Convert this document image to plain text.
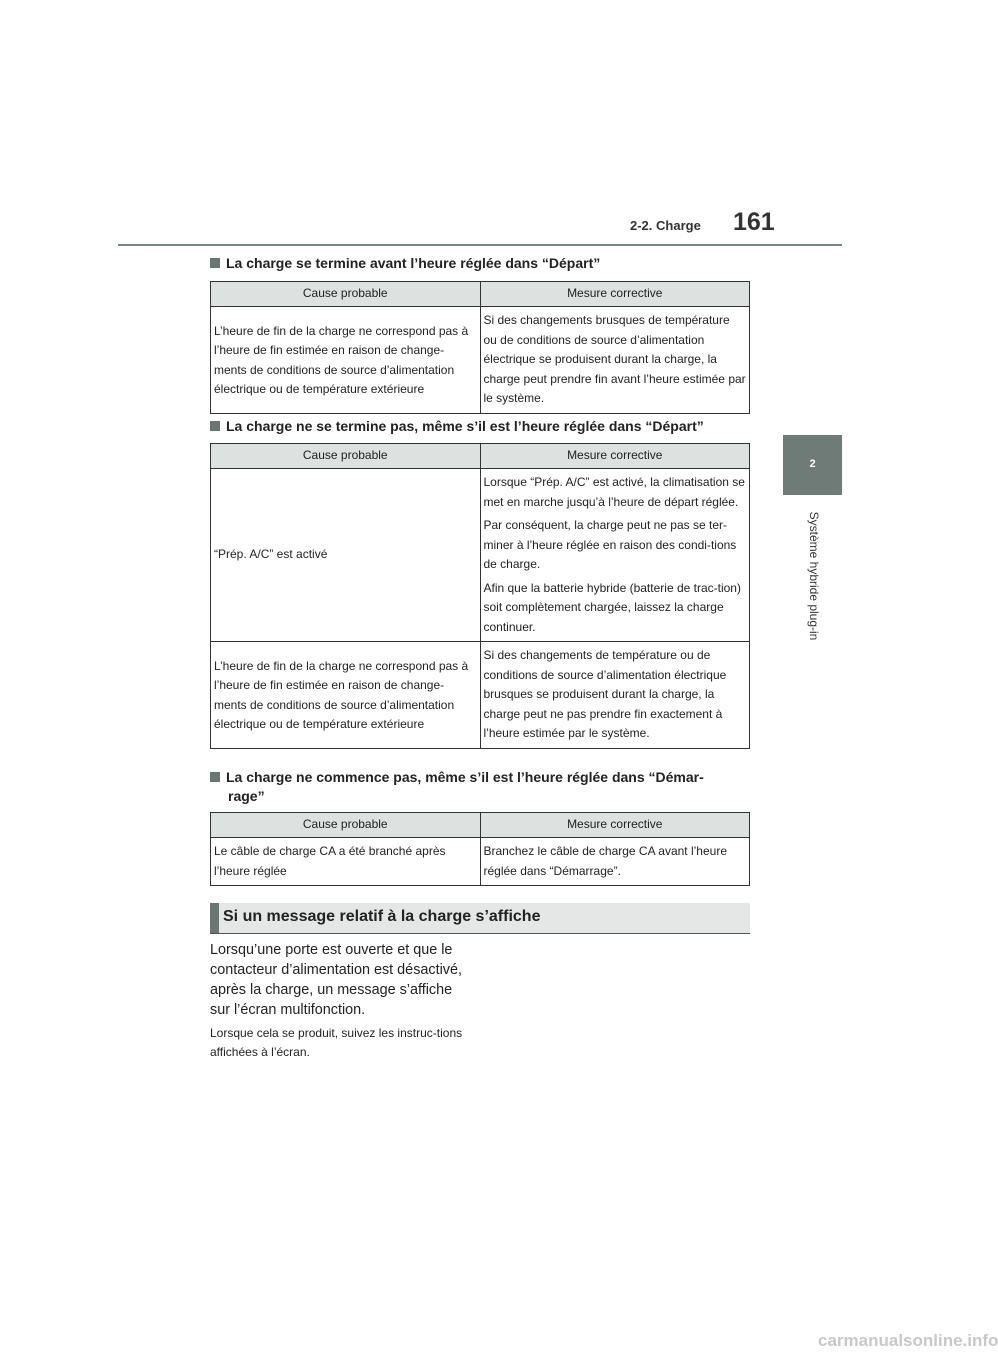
2-2. Charge 161
2
Système hybride plug-in
La charge se termine avant l’heure réglée dans “Départ”
Cause probable	Mesure corrective
L’heure de fin de la charge ne correspond pas à l’heure de fin estimée en raison de change-ments de conditions de source d’alimentation électrique ou de température extérieure	Si des changements brusques de température ou de conditions de source d’alimentation électrique se produisent durant la charge, la charge peut prendre fin avant l’heure estimée par le système.
La charge ne se termine pas, même s’il est l’heure réglée dans “Départ”
Cause probable	Mesure corrective
“Prép. A/C” est activé	Lorsque “Prép. A/C” est activé, la climatisation se met en marche jusqu’à l’heure de départ réglée.
Par conséquent, la charge peut ne pas se ter-miner à l’heure réglée en raison des condi-tions de charge.
Afin que la batterie hybride (batterie de trac-tion) soit complètement chargée, laissez la charge continuer.

L’heure de fin de la charge ne correspond pas à l’heure de fin estimée en raison de change-ments de conditions de source d’alimentation électrique ou de température extérieure	Si des changements de température ou de conditions de source d’alimentation électrique brusques se produisent durant la charge, la charge peut ne pas prendre fin exactement à l’heure estimée par le système.
La charge ne commence pas, même s’il est l’heure réglée dans “Démar-
rage”
Cause probable	Mesure corrective
Le câble de charge CA a été branché après l’heure réglée	Branchez le câble de charge CA avant l’heure réglée dans “Démarrage”.
Si un message relatif à la charge s’affiche
Lorsqu’une porte est ouverte et que le contacteur d’alimentation est désactivé, après la charge, un message s’affiche sur l’écran multifonction.
Lorsque cela se produit, suivez les instruc-tions affichées à l’écran.
carmanualsonline.info
